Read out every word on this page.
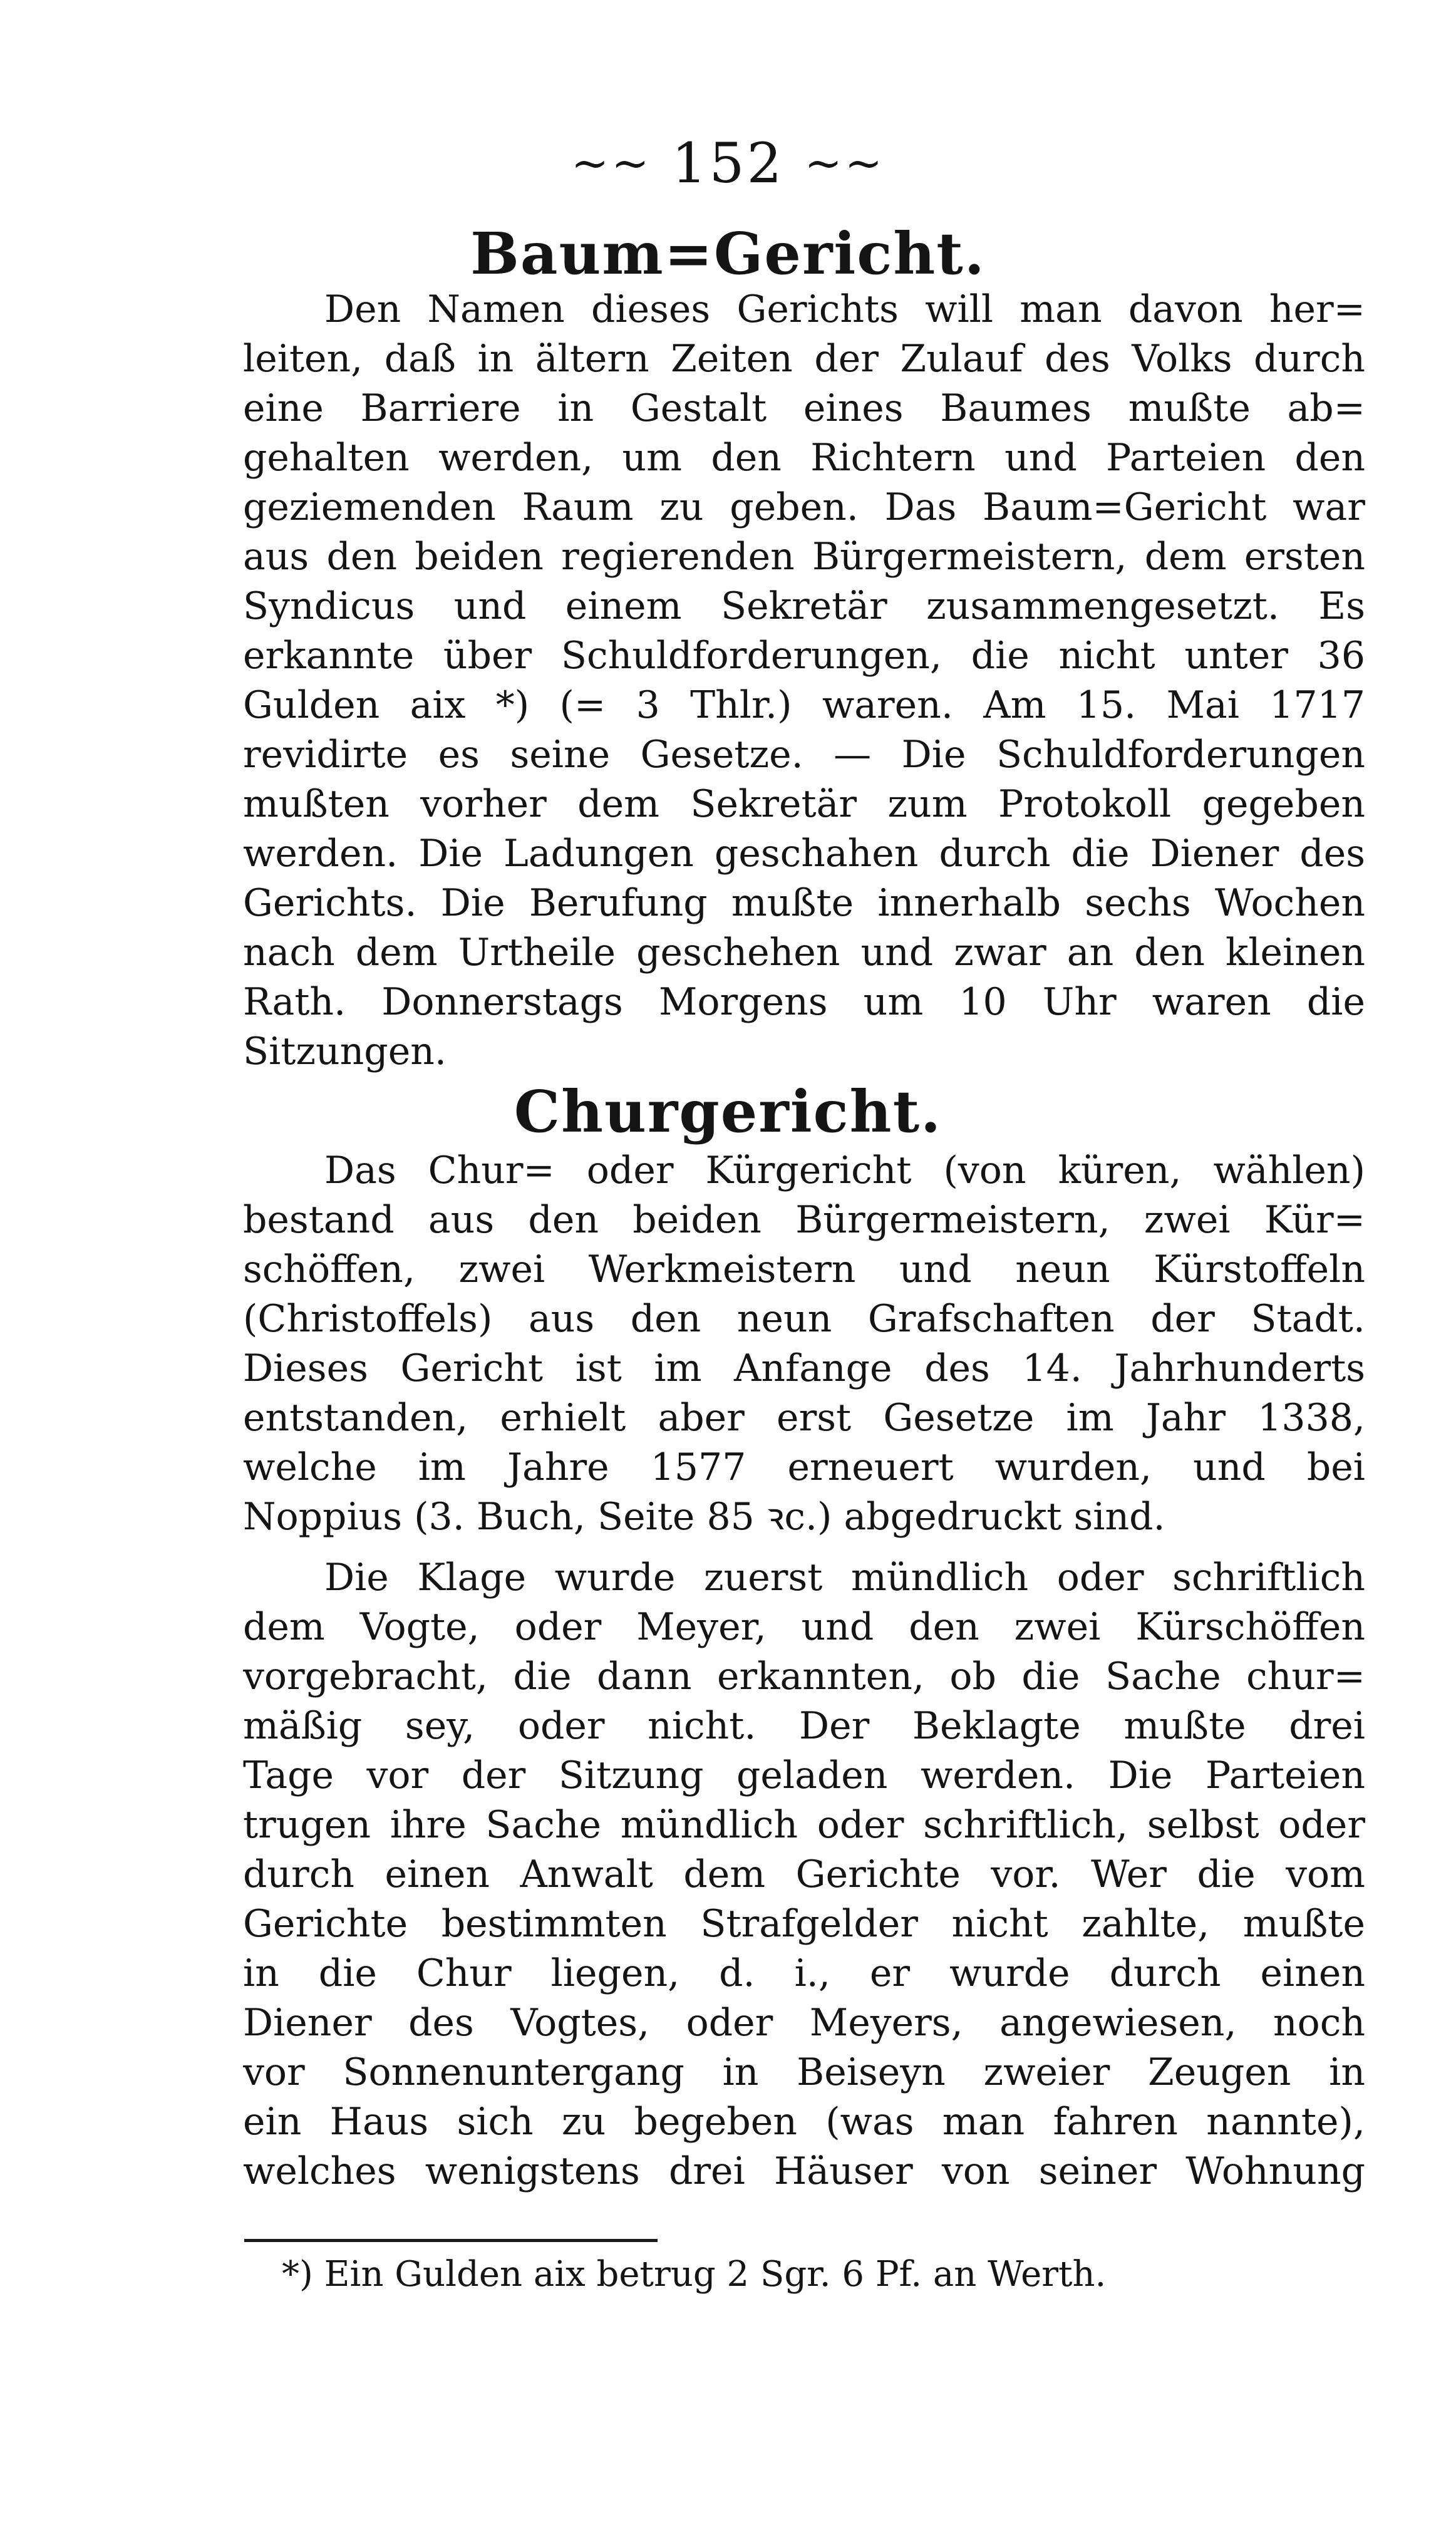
~~ 152 ~~
Baum=Gericht.
Den Namen dieses Gerichts will man davon her=
leiten, daß in ältern Zeiten der Zulauf des Volks durch
eine Barriere in Gestalt eines Baumes mußte ab=
gehalten werden, um den Richtern und Parteien den
geziemenden Raum zu geben. Das Baum=Gericht war
aus den beiden regierenden Bürgermeistern, dem ersten
Syndicus und einem Sekretär zusammengesetzt. Es
erkannte über Schuldforderungen, die nicht unter 36
Gulden aix *) (= 3 Thlr.) waren. Am 15. Mai 1717
revidirte es seine Gesetze. — Die Schuldforderungen
mußten vorher dem Sekretär zum Protokoll gegeben
werden. Die Ladungen geschahen durch die Diener des
Gerichts. Die Berufung mußte innerhalb sechs Wochen
nach dem Urtheile geschehen und zwar an den kleinen
Rath. Donnerstags Morgens um 10 Uhr waren die
Sitzungen.
Churgericht.
Das Chur= oder Kürgericht (von küren, wählen)
bestand aus den beiden Bürgermeistern, zwei Kür=
schöffen, zwei Werkmeistern und neun Kürstoffeln
(Christoffels) aus den neun Grafschaften der Stadt.
Dieses Gericht ist im Anfange des 14. Jahrhunderts
entstanden, erhielt aber erst Gesetze im Jahr 1338,
welche im Jahre 1577 erneuert wurden, und bei
Noppius (3. Buch, Seite 85 ꝛc.) abgedruckt sind.
Die Klage wurde zuerst mündlich oder schriftlich
dem Vogte, oder Meyer, und den zwei Kürschöffen
vorgebracht, die dann erkannten, ob die Sache chur=
mäßig sey, oder nicht. Der Beklagte mußte drei
Tage vor der Sitzung geladen werden. Die Parteien
trugen ihre Sache mündlich oder schriftlich, selbst oder
durch einen Anwalt dem Gerichte vor. Wer die vom
Gerichte bestimmten Strafgelder nicht zahlte, mußte
in die Chur liegen, d. i., er wurde durch einen
Diener des Vogtes, oder Meyers, angewiesen, noch
vor Sonnenuntergang in Beiseyn zweier Zeugen in
ein Haus sich zu begeben (was man fahren nannte),
welches wenigstens drei Häuser von seiner Wohnung
*) Ein Gulden aix betrug 2 Sgr. 6 Pf. an Werth.
